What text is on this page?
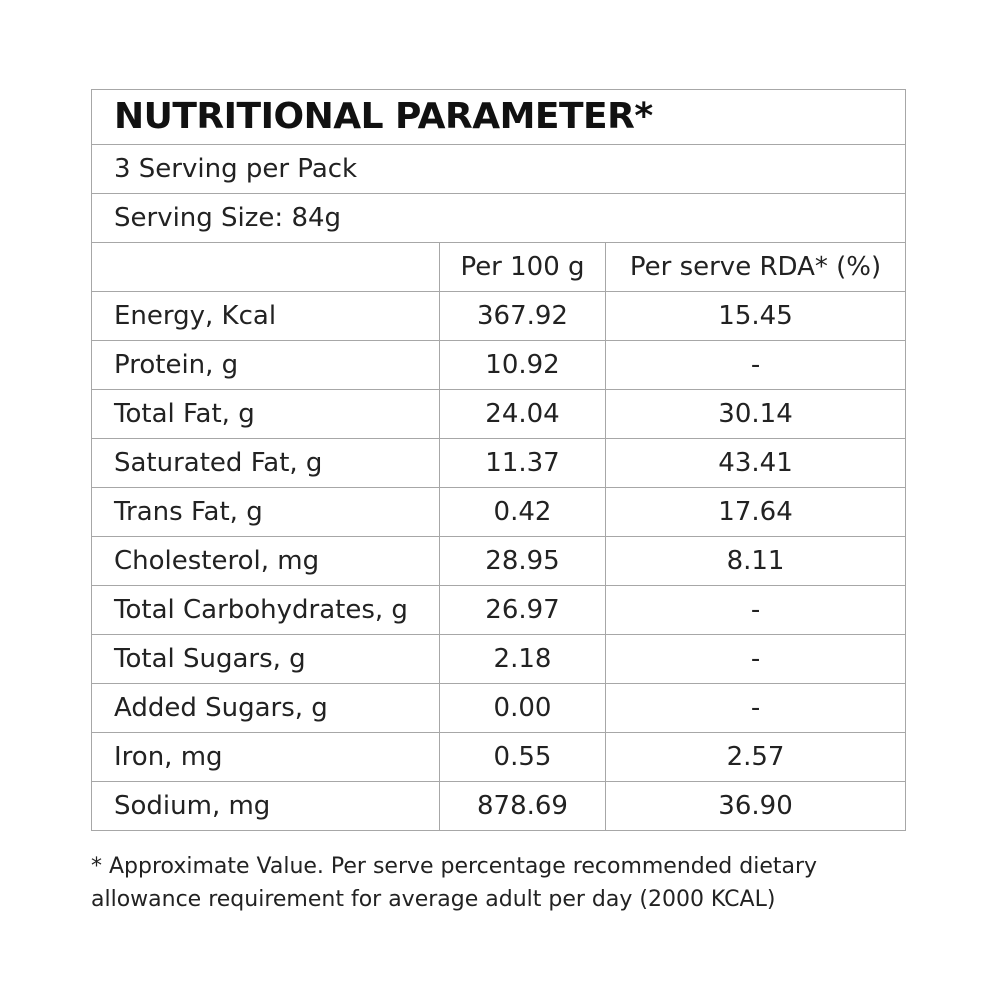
NUTRITIONAL PARAMETER*		
3 Serving per Pack		
Serving Size: 84g		
	Per 100 g	Per serve RDA* (%)
Energy, Kcal	367.92	15.45
Protein, g	10.92	-
Total Fat, g	24.04	30.14
Saturated Fat, g	11.37	43.41
Trans Fat, g	0.42	17.64
Cholesterol, mg	28.95	8.11
Total Carbohydrates, g	26.97	-
Total Sugars, g	2.18	-
Added Sugars, g	0.00	-
Iron, mg	0.55	2.57
Sodium, mg	878.69	36.90
* Approximate Value. Per serve percentage recommended dietary
allowance requirement for average adult per day (2000 KCAL)
